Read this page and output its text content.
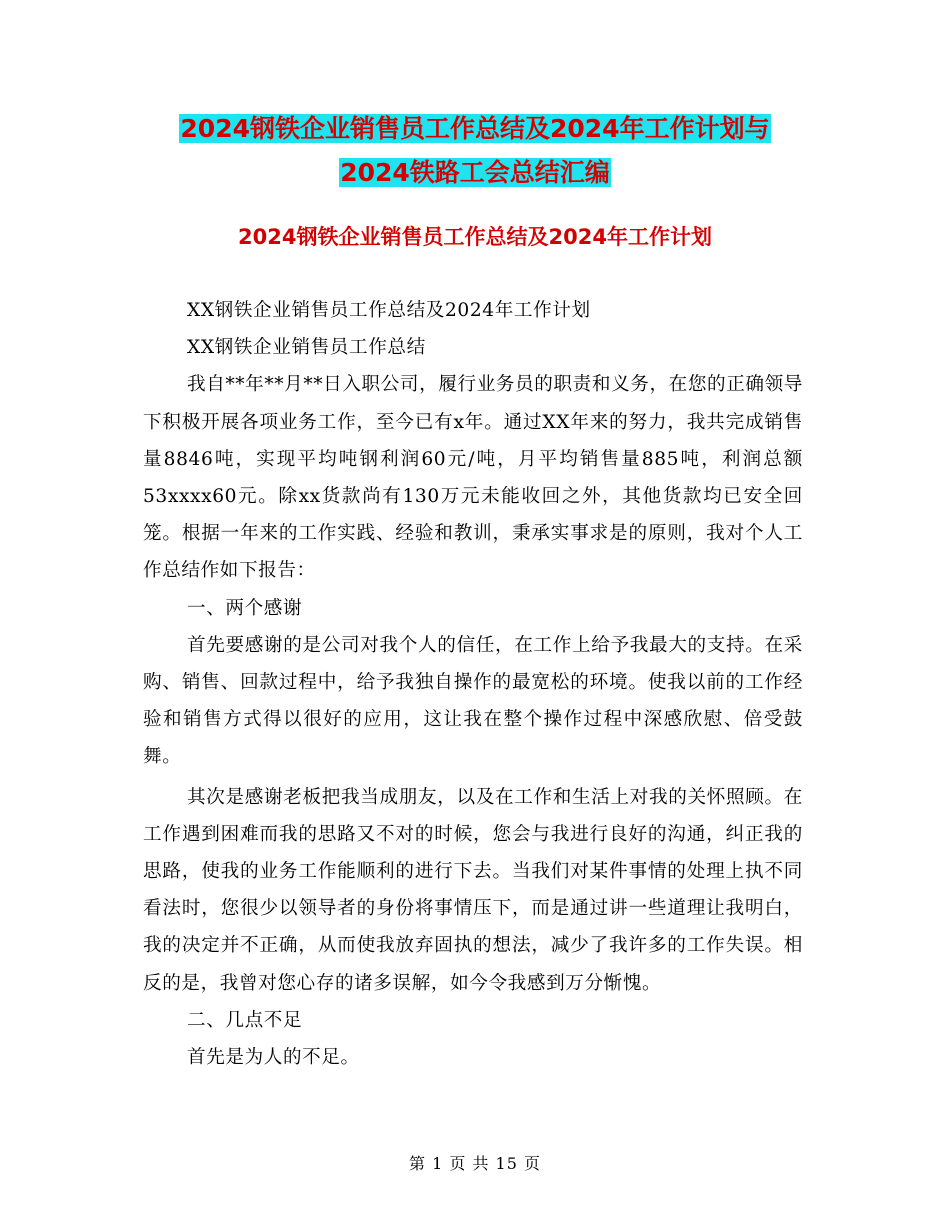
2024钢铁企业销售员工作总结及2024年工作计划与
2024铁路工会总结汇编
2024钢铁企业销售员工作总结及2024年工作计划

XX钢铁企业销售员工作总结及2024年工作计划

XX钢铁企业销售员工作总结

我自**年**月**日入职公司，履行业务员的职责和义务，在您的正确领导下积极开展各项业务工作，至今已有x年。通过XX年来的努力，我共完成销售量8846吨，实现平均吨钢利润60元/吨，月平均销售量885吨，利润总额53xxxx60元。除xx货款尚有130万元未能收回之外，其他货款均已安全回笼。根据一年来的工作实践、经验和教训，秉承实事求是的原则，我对个人工作总结作如下报告：

一、两个感谢

首先要感谢的是公司对我个人的信任，在工作上给予我最大的支持。在采购、销售、回款过程中，给予我独自操作的最宽松的环境。使我以前的工作经验和销售方式得以很好的应用，这让我在整个操作过程中深感欣慰、倍受鼓舞。

其次是感谢老板把我当成朋友，以及在工作和生活上对我的关怀照顾。在工作遇到困难而我的思路又不对的时候，您会与我进行良好的沟通，纠正我的思路，使我的业务工作能顺利的进行下去。当我们对某件事情的处理上执不同看法时，您很少以领导者的身份将事情压下，而是通过讲一些道理让我明白，我的决定并不正确，从而使我放弃固执的想法，减少了我许多的工作失误。相反的是，我曾对您心存的诸多误解，如今令我感到万分惭愧。

二、几点不足

首先是为人的不足。

第 1 页 共 15 页
